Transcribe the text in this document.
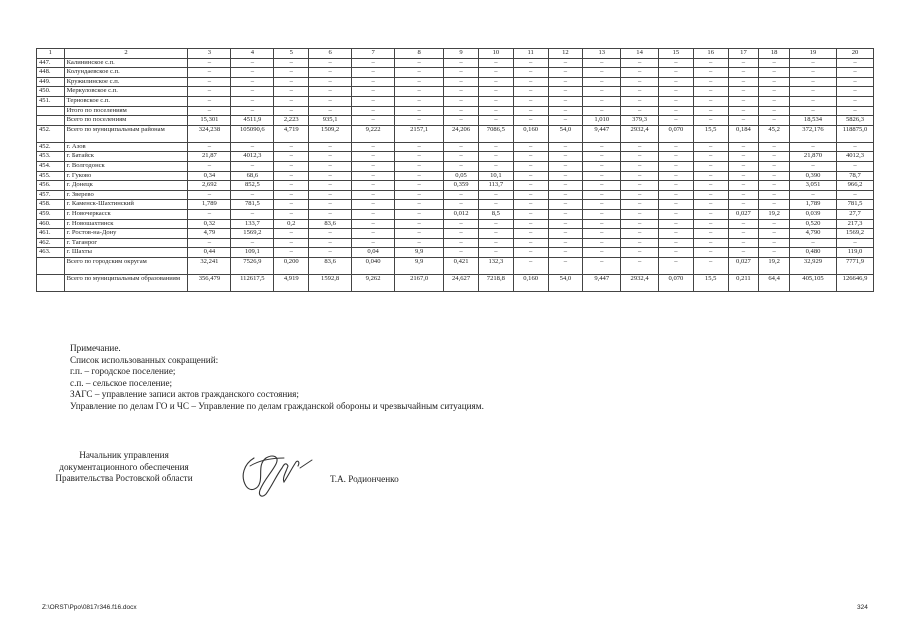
1	2	3	4	5	6	7	8	9	10	11	12	13	14	15	16	17	18	19	20
447.	Калининское с.п.	–	–	–	–	–	–	–	–	–	–	–	–	–	–	–	–	–	–
448.	Колундаевское с.п.	–	–	–	–	–	–	–	–	–	–	–	–	–	–	–	–	–	–
449.	Кружилинское с.п.	–	–	–	–	–	–	–	–	–	–	–	–	–	–	–	–	–	–
450.	Меркуловское с.п.	–	–	–	–	–	–	–	–	–	–	–	–	–	–	–	–	–	–
451.	Терновское с.п.	–	–	–	–	–	–	–	–	–	–	–	–	–	–	–	–	–	–
	Итого по поселениям	–	–	–	–	–	–	–	–	–	–	–	–	–	–	–	–	–	–
	Всего по поселениям	15,301	4511,9	2,223	935,1	–	–	–	–	–	–	1,010	379,3	–	–	–	–	18,534	5826,3
452.	Всего по муниципальным районам	324,238	105090,6	4,719	1509,2	9,222	2157,1	24,206	7086,5	0,160	54,0	9,447	2932,4	0,070	15,5	0,184	45,2	372,176	118875,0
452.	г. Азов	–	–	–	–	–	–	–	–	–	–	–	–	–	–	–	–	–	–
453.	г. Батайск	21,87	4012,3	–	–	–	–	–	–	–	–	–	–	–	–	–	–	21,870	4012,3
454.	г. Волгодонск	–	–	–	–	–	–	–	–	–	–	–	–	–	–	–	–	–	–
455.	г. Гуково	0,34	68,6	–	–	–	–	0,05	10,1	–	–	–	–	–	–	–	–	0,390	78,7
456.	г. Донецк	2,692	852,5	–	–	–	–	0,359	113,7	–	–	–	–	–	–	–	–	3,051	966,2
457.	г. Зверево	–	–	–	–	–	–	–	–	–	–	–	–	–	–	–	–	–	–
458.	г. Каменск-Шахтинский	1,789	781,5	–	–	–	–	–	–	–	–	–	–	–	–	–	–	1,789	781,5
459.	г. Новочеркасск	–	–	–	–	–	–	0,012	8,5	–	–	–	–	–	–	0,027	19,2	0,039	27,7
460.	г. Новошахтинск	0,32	133,7	0,2	83,6	–	–	–	–	–	–	–	–	–	–	–	–	0,520	217,3
461.	г. Ростов-на-Дону	4,79	1569,2	–	–	–	–	–	–	–	–	–	–	–	–	–	–	4,790	1569,2
462.	г. Таганрог	–	–	–	–	–	–	–	–	–	–	–	–	–	–	–	–	–	–
463.	г. Шахты	0,44	109,1	–	–	0,04	9,9	–	–	–	–	–	–	–	–	–	–	0,480	119,0
	Всего по городским округам	32,241	7526,9	0,200	83,6	0,040	9,9	0,421	132,3	–	–	–	–	–	–	0,027	19,2	32,929	7771,9
	Всего по муниципальным образованиям	356,479	112617,5	4,919	1592,8	9,262	2167,0	24,627	7218,8	0,160	54,0	9,447	2932,4	0,070	15,5	0,211	64,4	405,105	126646,9
Примечание.
Список использованных сокращений:
г.п. – городское поселение;
с.п. – сельское поселение;
ЗАГС – управление записи актов гражданского состояния;
Управление по делам ГО и ЧС – Управление по делам гражданской обороны и чрезвычайным ситуациям.
Начальник управления
документационного обеспечения
Правительства Ростовской области	Т.А. Родионченко
Z:\ORST\Ppo\0817r346.f16.docx	324
